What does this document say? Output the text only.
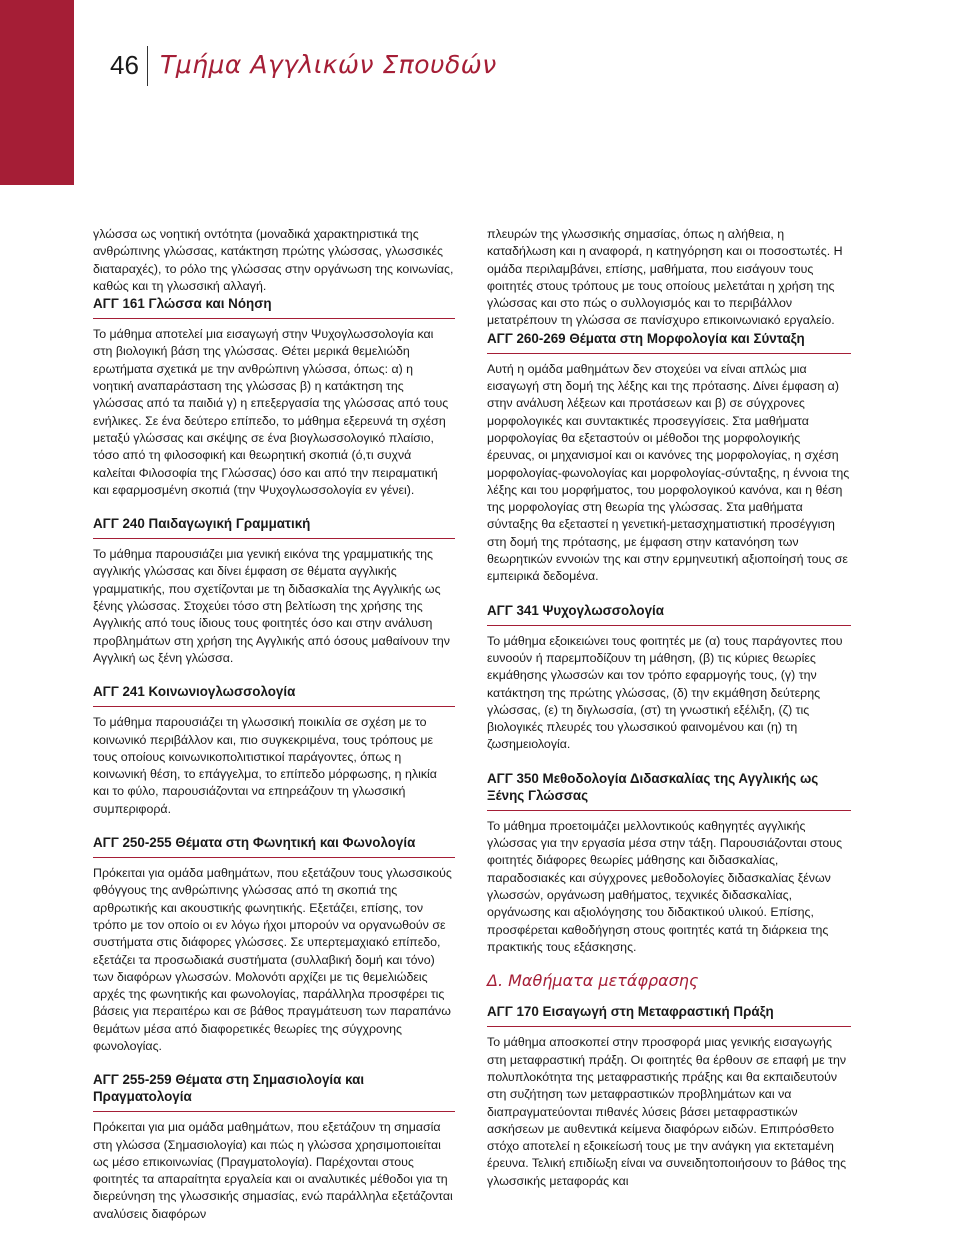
46 Τμήμα Αγγλικών Σπουδών

γλώσσα ως νοητική οντότητα (μοναδικά χαρακτηριστικά της ανθρώπινης γλώσσας, κατάκτηση πρώτης γλώσσας, γλωσσικές διαταραχές), το ρόλο της γλώσσας στην οργάνωση της κοινωνίας, καθώς και τη γλωσσική αλλαγή.

ΑΓΓ 161 Γλώσσα και Νόηση

Το μάθημα αποτελεί μια εισαγωγή στην Ψυχογλωσσολογία και στη βιολογική βάση της γλώσσας. Θέτει μερικά θεμελιώδη ερωτήματα σχετικά με την ανθρώπινη γλώσσα, όπως: α) η νοητική αναπαράσταση της γλώσσας β) η κατάκτηση της γλώσσας από τα παιδιά γ) η επεξεργασία της γλώσσας από τους ενήλικες. Σε ένα δεύτερο επίπεδο, το μάθημα εξερευνά τη σχέση μεταξύ γλώσσας και σκέψης σε ένα βιογλωσσολογικό πλαίσιο, τόσο από τη φιλοσοφική και θεωρητική σκοπιά (ό,τι συχνά καλείται Φιλοσοφία της Γλώσσας) όσο και από την πειραματική και εφαρμοσμένη σκοπιά (την Ψυχογλωσσολογία εν γένει).

ΑΓΓ 240 Παιδαγωγική Γραμματική

Το μάθημα παρουσιάζει μια γενική εικόνα της γραμματικής της αγγλικής γλώσσας και δίνει έμφαση σε θέματα αγγλικής γραμματικής, που σχετίζονται με τη διδασκαλία της Αγγλικής ως ξένης γλώσσας. Στοχεύει τόσο στη βελτίωση της χρήσης της Αγγλικής από τους ίδιους τους φοιτητές όσο και στην ανάλυση προβλημάτων στη χρήση της Αγγλικής από όσους μαθαίνουν την Αγγλική ως ξένη γλώσσα.

ΑΓΓ 241 Κοινωνιογλωσσολογία

Το μάθημα παρουσιάζει τη γλωσσική ποικιλία σε σχέση με το κοινωνικό περιβάλλον και, πιο συγκεκριμένα, τους τρόπους με τους οποίους κοινωνικοπολιτιστικοί παράγοντες, όπως η κοινωνική θέση, το επάγγελμα, το επίπεδο μόρφωσης, η ηλικία και το φύλο, παρουσιάζονται να επηρεάζουν τη γλωσσική συμπεριφορά.

ΑΓΓ 250-255 Θέματα στη Φωνητική και Φωνολογία

Πρόκειται για ομάδα μαθημάτων, που εξετάζουν τους γλωσσικούς φθόγγους της ανθρώπινης γλώσσας από τη σκοπιά της αρθρωτικής και ακουστικής φωνητικής. Εξετάζει, επίσης, τον τρόπο με τον οποίο οι εν λόγω ήχοι μπορούν να οργανωθούν σε συστήματα στις διάφορες γλώσσες. Σε υπερτεμαχιακό επίπεδο, εξετάζει τα προσωδιακά συστήματα (συλλαβική δομή και τόνο) των διαφόρων γλωσσών. Μολονότι αρχίζει με τις θεμελιώδεις αρχές της φωνητικής και φωνολογίας, παράλληλα προσφέρει τις βάσεις για περαιτέρω και σε βάθος πραγμάτευση των παραπάνω θεμάτων μέσα από διαφορετικές θεωρίες της σύγχρονης φωνολογίας.

ΑΓΓ 255-259 Θέματα στη Σημασιολογία και Πραγματολογία

Πρόκειται για μια ομάδα μαθημάτων, που εξετάζουν τη σημασία στη γλώσσα (Σημασιολογία) και πώς η γλώσσα χρησιμοποιείται ως μέσο επικοινωνίας (Πραγματολογία). Παρέχονται στους φοιτητές τα απαραίτητα εργαλεία και οι αναλυτικές μέθοδοι για τη διερεύνηση της γλωσσικής σημασίας, ενώ παράλληλα εξετάζονται αναλύσεις διαφόρων

πλευρών της γλωσσικής σημασίας, όπως η αλήθεια, η καταδήλωση και η αναφορά, η κατηγόρηση και οι ποσοστωτές. Η ομάδα περιλαμβάνει, επίσης, μαθήματα, που εισάγουν τους φοιτητές στους τρόπους με τους οποίους μελετάται η χρήση της γλώσσας και στο πώς ο συλλογισμός και το περιβάλλον μετατρέπουν τη γλώσσα σε πανίσχυρο επικοινωνιακό εργαλείο.

ΑΓΓ 260-269 Θέματα στη Μορφολογία και Σύνταξη

Αυτή η ομάδα μαθημάτων δεν στοχεύει να είναι απλώς μια εισαγωγή στη δομή της λέξης και της πρότασης. Δίνει έμφαση α) στην ανάλυση λέξεων και προτάσεων και β) σε σύγχρονες μορφολογικές και συντακτικές προσεγγίσεις. Στα μαθήματα μορφολογίας θα εξεταστούν οι μέθοδοι της μορφολογικής έρευνας, οι μηχανισμοί και οι κανόνες της μορφολογίας, η σχέση μορφολογίας-φωνολογίας και μορφολογίας-σύνταξης, η έννοια της λέξης και του μορφήματος, του μορφολογικού κανόνα, και η θέση της μορφολογίας στη θεωρία της γλώσσας. Στα μαθήματα σύνταξης θα εξεταστεί η γενετική-μετασχηματιστική προσέγγιση στη δομή της πρότασης, με έμφαση στην κατανόηση των θεωρητικών εννοιών της και στην ερμηνευτική αξιοποίησή τους σε εμπειρικά δεδομένα.

ΑΓΓ 341 Ψυχογλωσσολογία

Το μάθημα εξοικειώνει τους φοιτητές με (α) τους παράγοντες που ευνοούν ή παρεμποδίζουν τη μάθηση, (β) τις κύριες θεωρίες εκμάθησης γλωσσών και τον τρόπο εφαρμογής τους, (γ) την κατάκτηση της πρώτης γλώσσας, (δ) την εκμάθηση δεύτερης γλώσσας, (ε) τη διγλωσσία, (στ) τη γνωστική εξέλιξη, (ζ) τις βιολογικές πλευρές του γλωσσικού φαινομένου και (η) τη ζωσημειολογία.

ΑΓΓ 350 Μεθοδολογία Διδασκαλίας της Αγγλικής ως Ξένης Γλώσσας

Το μάθημα προετοιμάζει μελλοντικούς καθηγητές αγγλικής γλώσσας για την εργασία μέσα στην τάξη. Παρουσιάζονται στους φοιτητές διάφορες θεωρίες μάθησης και διδασκαλίας, παραδοσιακές και σύγχρονες μεθοδολογίες διδασκαλίας ξένων γλωσσών, οργάνωση μαθήματος, τεχνικές διδασκαλίας, οργάνωσης και αξιολόγησης του διδακτικού υλικού. Επίσης, προσφέρεται καθοδήγηση στους φοιτητές κατά τη διάρκεια της πρακτικής τους εξάσκησης.

Δ. Μαθήματα μετάφρασης
ΑΓΓ 170 Εισαγωγή στη Μεταφραστική Πράξη

Το μάθημα αποσκοπεί στην προσφορά μιας γενικής εισαγωγής στη μεταφραστική πράξη. Οι φοιτητές θα έρθουν σε επαφή με την πολυπλοκότητα της μεταφραστικής πράξης και θα εκπαιδευτούν στη συζήτηση των μεταφραστικών προβλημάτων και να διαπραγματεύονται πιθανές λύσεις βάσει μεταφραστικών ασκήσεων με αυθεντικά κείμενα διαφόρων ειδών. Επιπρόσθετο στόχο αποτελεί η εξοικείωσή τους με την ανάγκη για εκτεταμένη έρευνα. Τελική επιδίωξη είναι να συνειδητοποιήσουν το βάθος της γλωσσικής μεταφοράς και
